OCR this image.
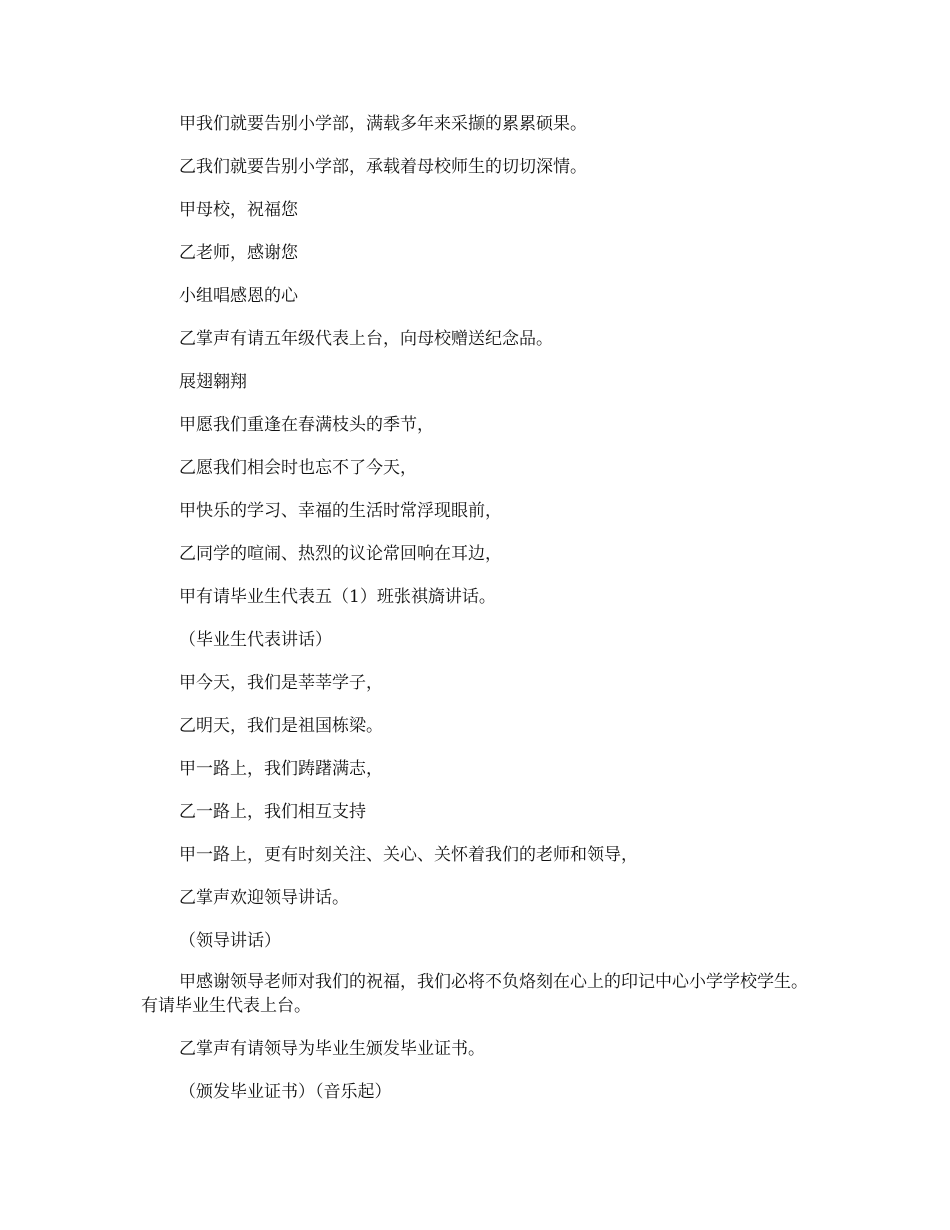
甲我们就要告别小学部，满载多年来采撷的累累硕果。

乙我们就要告别小学部，承载着母校师生的切切深情。

甲母校，祝福您

乙老师，感谢您

小组唱感恩的心

乙掌声有请五年级代表上台，向母校赠送纪念品。

展翅翱翔

甲愿我们重逢在春满枝头的季节，

乙愿我们相会时也忘不了今天，

甲快乐的学习、幸福的生活时常浮现眼前，

乙同学的喧闹、热烈的议论常回响在耳边，

甲有请毕业生代表五（1）班张祺旖讲话。

（毕业生代表讲话）

甲今天，我们是莘莘学子，

乙明天，我们是祖国栋梁。

甲一路上，我们踌躇满志，

乙一路上，我们相互支持

甲一路上，更有时刻关注、关心、关怀着我们的老师和领导，

乙掌声欢迎领导讲话。

（领导讲话）

甲感谢领导老师对我们的祝福，我们必将不负烙刻在心上的印记中心小学学校学生。有请毕业生代表上台。

乙掌声有请领导为毕业生颁发毕业证书。

（颁发毕业证书）（音乐起）
